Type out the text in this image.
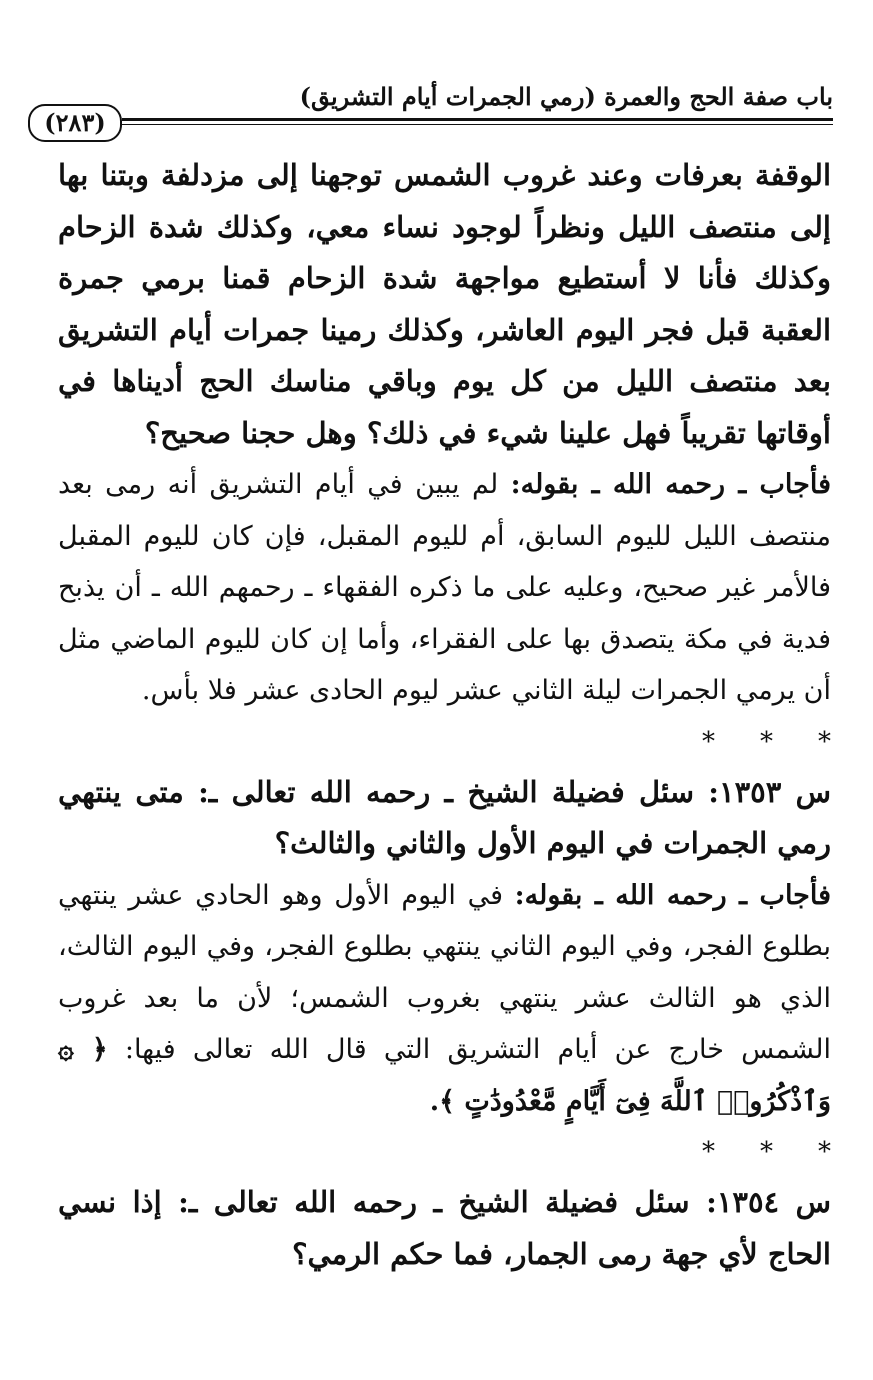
باب صفة الحج والعمرة (رمي الجمرات أيام التشريق)
(٢٨٣)

الوقفة بعرفات وعند غروب الشمس توجهنا إلى مزدلفة وبتنا بها إلى منتصف الليل ونظراً لوجود نساء معي، وكذلك شدة الزحام وكذلك فأنا لا أستطيع مواجهة شدة الزحام قمنا برمي جمرة العقبة قبل فجر اليوم العاشر، وكذلك رمينا جمرات أيام التشريق بعد منتصف الليل من كل يوم وباقي مناسك الحج أديناها في أوقاتها تقريباً فهل علينا شيء في ذلك؟ وهل حجنا صحيح؟

فأجاب ـ رحمه الله ـ بقوله: لم يبين في أيام التشريق أنه رمى بعد منتصف الليل لليوم السابق، أم لليوم المقبل، فإن كان لليوم المقبل فالأمر غير صحيح، وعليه على ما ذكره الفقهاء ـ رحمهم الله ـ أن يذبح فدية في مكة يتصدق بها على الفقراء، وأما إن كان لليوم الماضي مثل أن يرمي الجمرات ليلة الثاني عشر ليوم الحادى عشر فلا بأس.

* * *

س ١٣٥٣: سئل فضيلة الشيخ ـ رحمه الله تعالى ـ: متى ينتهي رمي الجمرات في اليوم الأول والثاني والثالث؟

فأجاب ـ رحمه الله ـ بقوله: في اليوم الأول وهو الحادي عشر ينتهي بطلوع الفجر، وفي اليوم الثاني ينتهي بطلوع الفجر، وفي اليوم الثالث، الذي هو الثالث عشر ينتهي بغروب الشمس؛ لأن ما بعد غروب الشمس خارج عن أيام التشريق التي قال الله تعالى فيها: ﴿ ۞ وَٱذْكُرُوا۟ ٱللَّهَ فِىٓ أَيَّامٍ مَّعْدُودَٰتٍ ﴾.

* * *

س ١٣٥٤: سئل فضيلة الشيخ ـ رحمه الله تعالى ـ: إذا نسي الحاج لأي جهة رمى الجمار، فما حكم الرمي؟
